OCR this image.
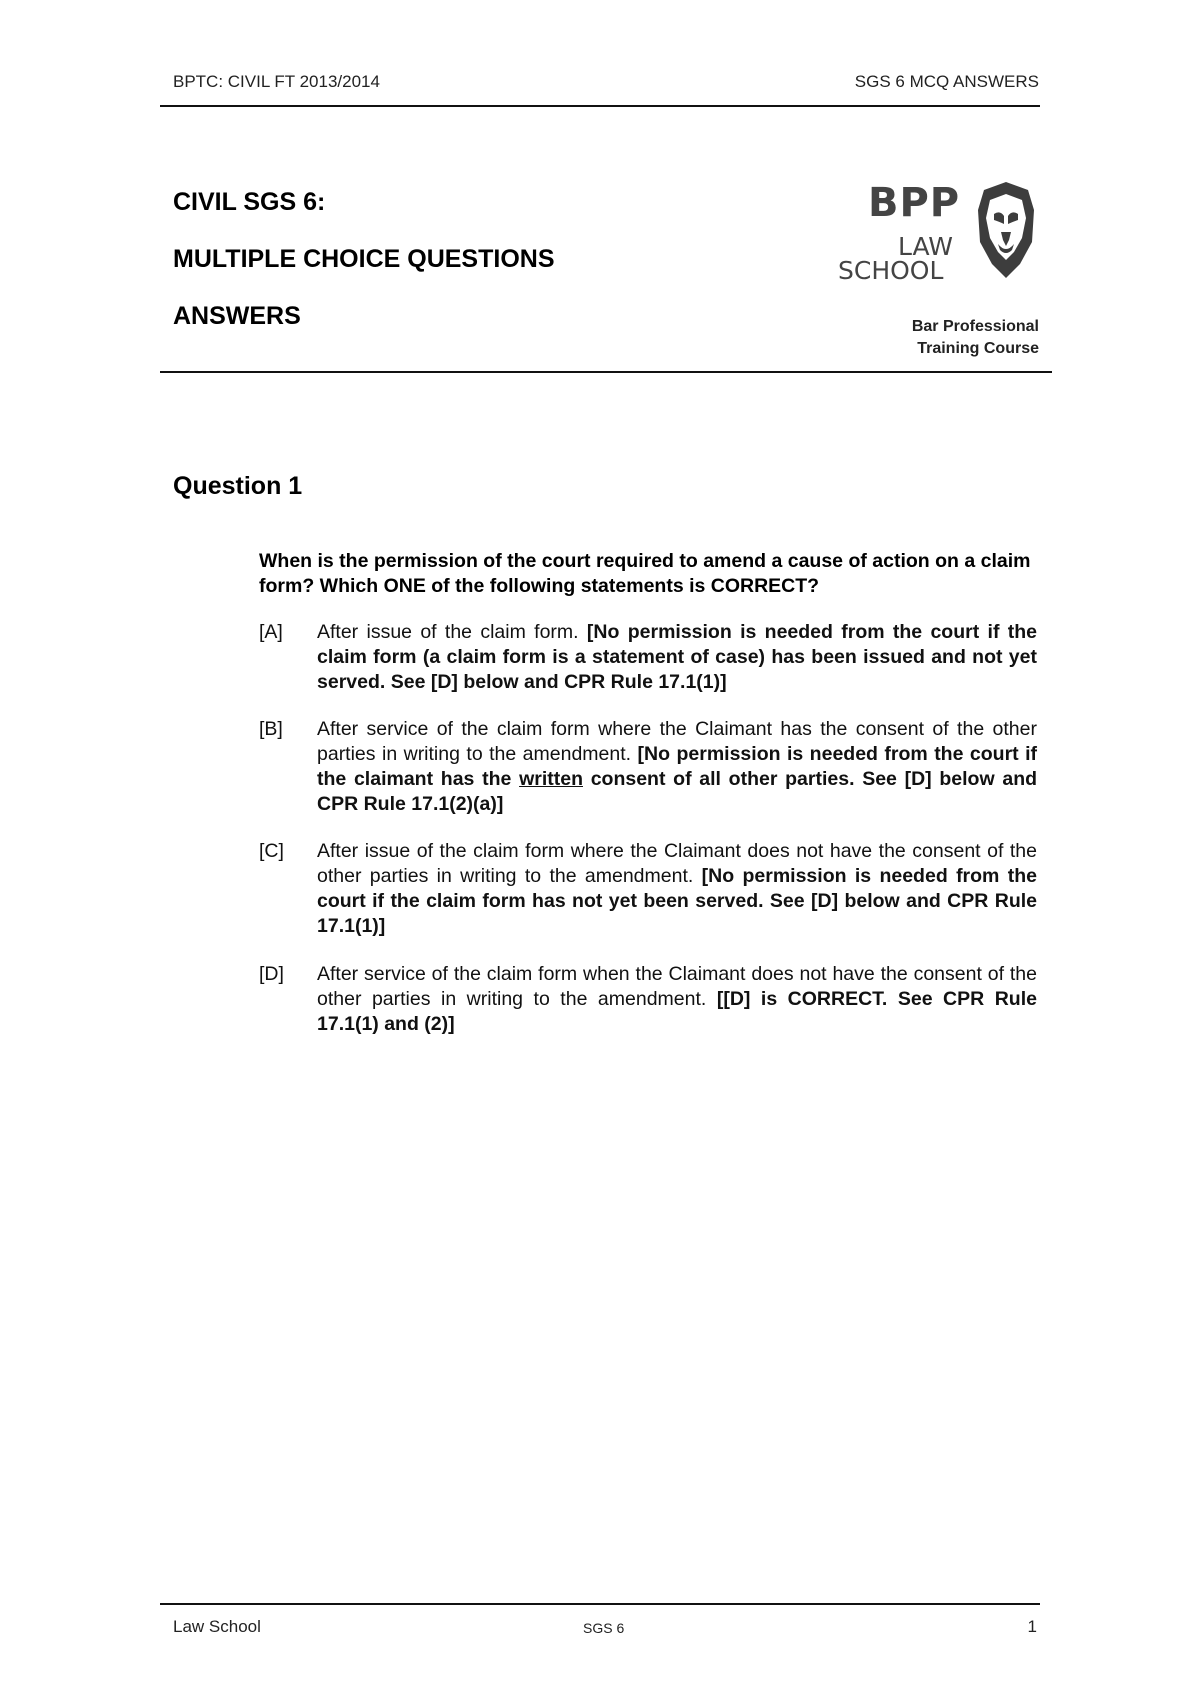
BPTC: CIVIL FT 2013/2014	SGS 6 MCQ ANSWERS
CIVIL SGS 6:
MULTIPLE CHOICE QUESTIONS
ANSWERS
BPP
LAW
SCHOOL
Bar Professional
Training Course
Question 1
When is the permission of the court required to amend a cause of action on a claim form? Which ONE of the following statements is CORRECT?
[A] After issue of the claim form. [No permission is needed from the court if the claim form (a claim form is a statement of case) has been issued and not yet served. See [D] below and CPR Rule 17.1(1)]
[B] After service of the claim form where the Claimant has the consent of the other parties in writing to the amendment. [No permission is needed from the court if the claimant has the written consent of all other parties. See [D] below and CPR Rule 17.1(2)(a)]
[C] After issue of the claim form where the Claimant does not have the consent of the other parties in writing to the amendment. [No permission is needed from the court if the claim form has not yet been served. See [D] below and CPR Rule 17.1(1)]
[D] After service of the claim form when the Claimant does not have the consent of the other parties in writing to the amendment. [[D] is CORRECT. See CPR Rule 17.1(1) and (2)]
Law School	SGS 6	1
